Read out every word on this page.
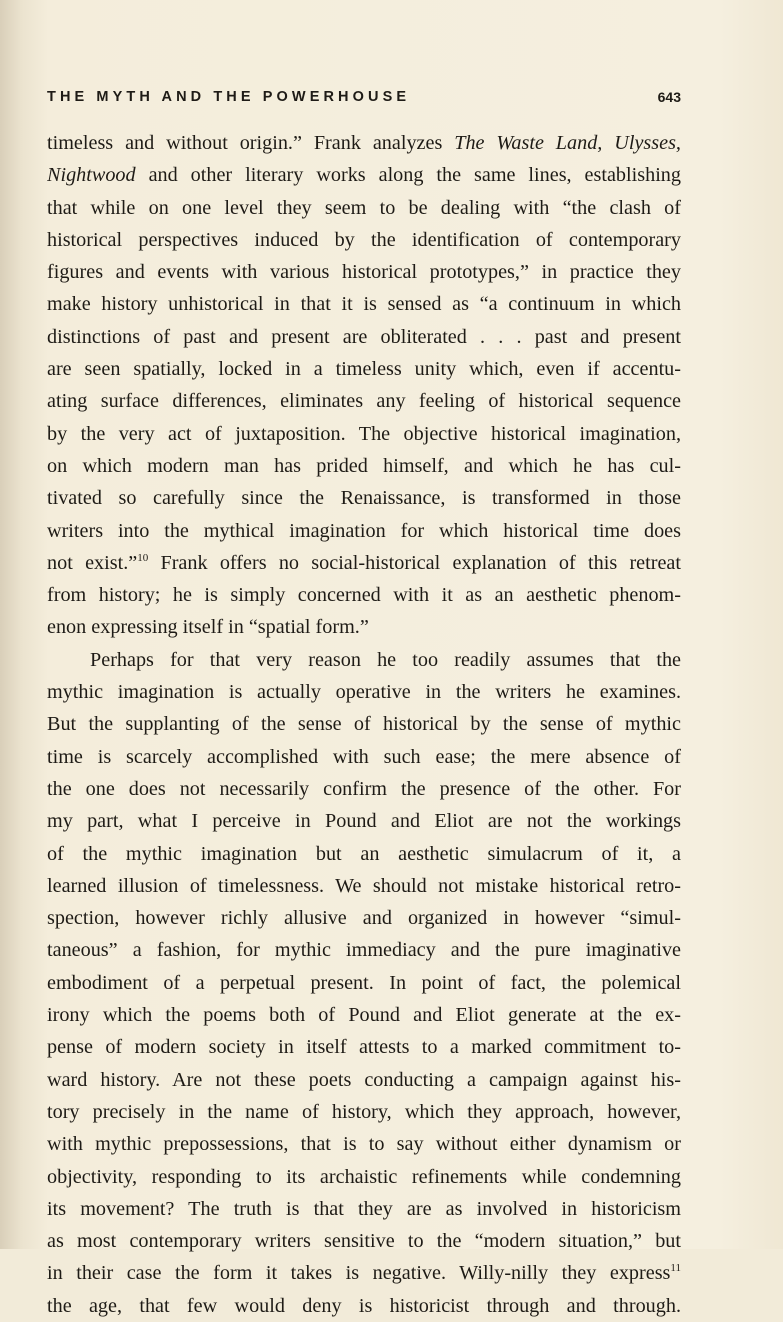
THE MYTH AND THE POWERHOUSE	643
timeless and without origin.” Frank analyzes The Waste Land, Ulysses,
Nightwood and other literary works along the same lines, establishing
that while on one level they seem to be dealing with “the clash of
historical perspectives induced by the identification of contemporary
figures and events with various historical prototypes,” in practice they
make history unhistorical in that it is sensed as “a continuum in which
distinctions of past and present are obliterated . . . past and present
are seen spatially, locked in a timeless unity which, even if accentu-
ating surface differences, eliminates any feeling of historical sequence
by the very act of juxtaposition. The objective historical imagination,
on which modern man has prided himself, and which he has cul-
tivated so carefully since the Renaissance, is transformed in those
writers into the mythical imagination for which historical time does
not exist.”$^{10}$ Frank offers no social-historical explanation of this retreat
from history; he is simply concerned with it as an aesthetic phenom-
enon expressing itself in “spatial form.”
Perhaps for that very reason he too readily assumes that the
mythic imagination is actually operative in the writers he examines.
But the supplanting of the sense of historical by the sense of mythic
time is scarcely accomplished with such ease; the mere absence of
the one does not necessarily confirm the presence of the other. For
my part, what I perceive in Pound and Eliot are not the workings
of the mythic imagination but an aesthetic simulacrum of it, a
learned illusion of timelessness. We should not mistake historical retro-
spection, however richly allusive and organized in however “simul-
taneous” a fashion, for mythic immediacy and the pure imaginative
embodiment of a perpetual present. In point of fact, the polemical
irony which the poems both of Pound and Eliot generate at the ex-
pense of modern society in itself attests to a marked commitment to-
ward history. Are not these poets conducting a campaign against his-
tory precisely in the name of history, which they approach, however,
with mythic prepossessions, that is to say without either dynamism or
objectivity, responding to its archaistic refinements while condemning
its movement? The truth is that they are as involved in historicism
as most contemporary writers sensitive to the “modern situation,” but
in their case the form it takes is negative. Willy-nilly they express$^{11}$
the age, that few would deny is historicist through and through.
